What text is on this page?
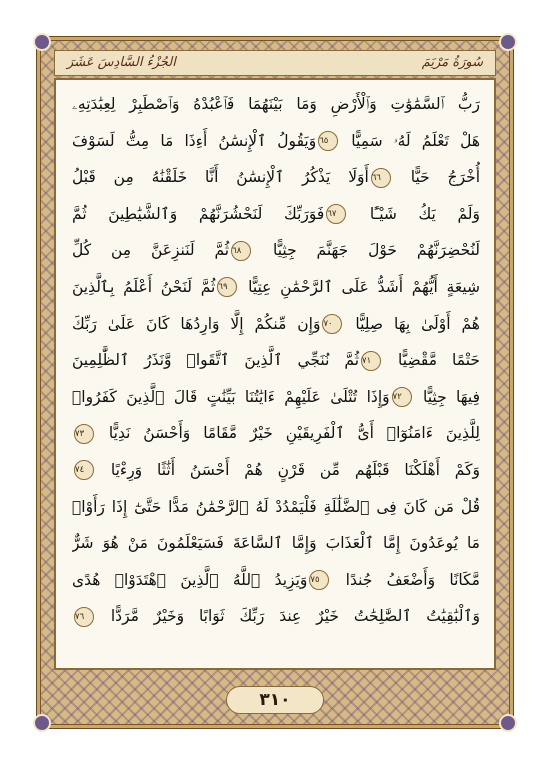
الجُزْءُ السَّادِسَ عَشَرَ	سُورَةُ مَرْيَمَ
رَبُّ ٱلسَّمَٰوَٰتِ وَٱلْأَرْضِ وَمَا بَيْنَهُمَا فَٱعْبُدْهُ وَٱصْطَبِرْ لِعِبَٰدَتِهِۦ
هَلْ تَعْلَمُ لَهُۥ سَمِيًّا ٦٥وَيَقُولُ ٱلْإِنسَٰنُ أَءِذَا مَا مِتُّ لَسَوْفَ
أُخْرَجُ حَيًّا ٦٦أَوَلَا يَذْكُرُ ٱلْإِنسَٰنُ أَنَّا خَلَقْنَٰهُ مِن قَبْلُ
وَلَمْ يَكُ شَيْـًٔا ٦٧فَوَرَبِّكَ لَنَحْشُرَنَّهُمْ وَٱلشَّيَٰطِينَ ثُمَّ
لَنُحْضِرَنَّهُمْ حَوْلَ جَهَنَّمَ جِثِيًّا ٦٨ثُمَّ لَنَنزِعَنَّ مِن كُلِّ
شِيعَةٍ أَيُّهُمْ أَشَدُّ عَلَى ٱلرَّحْمَٰنِ عِتِيًّا ٦٩ثُمَّ لَنَحْنُ أَعْلَمُ بِٱلَّذِينَ
هُمْ أَوْلَىٰ بِهَا صِلِيًّا ٧٠وَإِن مِّنكُمْ إِلَّا وَارِدُهَا كَانَ عَلَىٰ رَبِّكَ
حَتْمًا مَّقْضِيًّا ٧١ثُمَّ نُنَجِّي ٱلَّذِينَ ٱتَّقَوا۟ وَّنَذَرُ ٱلظَّٰلِمِينَ
فِيهَا جِثِيًّا ٧٢وَإِذَا تُتْلَىٰ عَلَيْهِمْ ءَايَٰتُنَا بَيِّنَٰتٍ قَالَ ٱلَّذِينَ كَفَرُوا۟
لِلَّذِينَ ءَامَنُوٓا۟ أَىُّ ٱلْفَرِيقَيْنِ خَيْرٌ مَّقَامًا وَأَحْسَنُ نَدِيًّا ٧٣
وَكَمْ أَهْلَكْنَا قَبْلَهُم مِّن قَرْنٍ هُمْ أَحْسَنُ أَثَٰثًا وَرِءْيًا ٧٤
قُلْ مَن كَانَ فِى ٱلضَّلَٰلَةِ فَلْيَمْدُدْ لَهُ ٱلرَّحْمَٰنُ مَدًّا حَتَّىٰٓ إِذَا رَأَوْا۟
مَا يُوعَدُونَ إِمَّا ٱلْعَذَابَ وَإِمَّا ٱلسَّاعَةَ فَسَيَعْلَمُونَ مَنْ هُوَ شَرٌّ
مَّكَانًا وَأَضْعَفُ جُندًا ٧٥وَيَزِيدُ ٱللَّهُ ٱلَّذِينَ ٱهْتَدَوْا۟ هُدًى
وَٱلْبَٰقِيَٰتُ ٱلصَّٰلِحَٰتُ خَيْرٌ عِندَ رَبِّكَ ثَوَابًا وَخَيْرٌ مَّرَدًّا ٧٦
٣١٠
